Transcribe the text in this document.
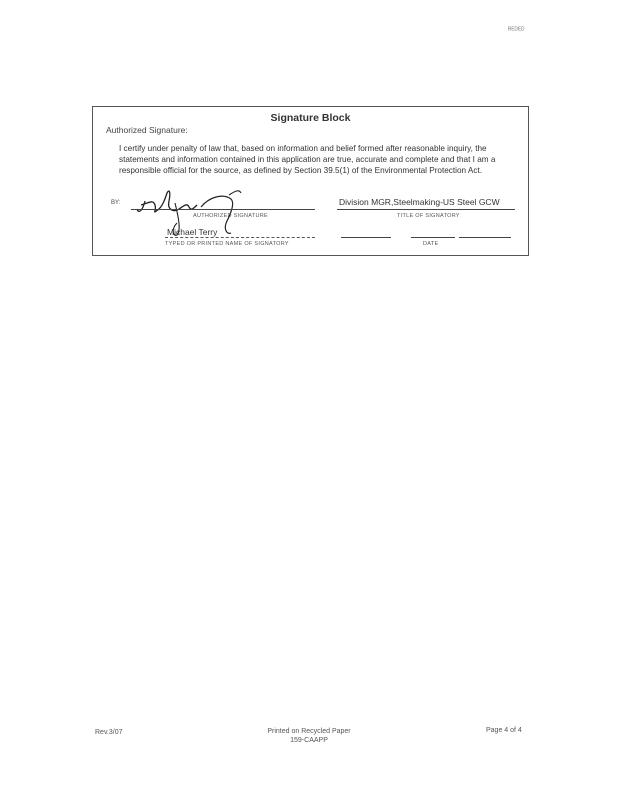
ᴿᴱᴰᴱᴰ
Signature Block
Authorized Signature:

I certify under penalty of law that, based on information and belief formed after reasonable inquiry, the statements and information contained in this application are true, accurate and complete and that I am a responsible official for the source, as defined by Section 39.5(1) of the Environmental Protection Act.

BY:
AUTHORIZED SIGNATURE
Division MGR,Steelmaking-US Steel GCW
TITLE OF SIGNATORY
Michael Terry
TYPED OR PRINTED NAME OF SIGNATORY	DATE
Rev.3/07	Printed on Recycled Paper
159-CAAPP
Page 4 of 4
